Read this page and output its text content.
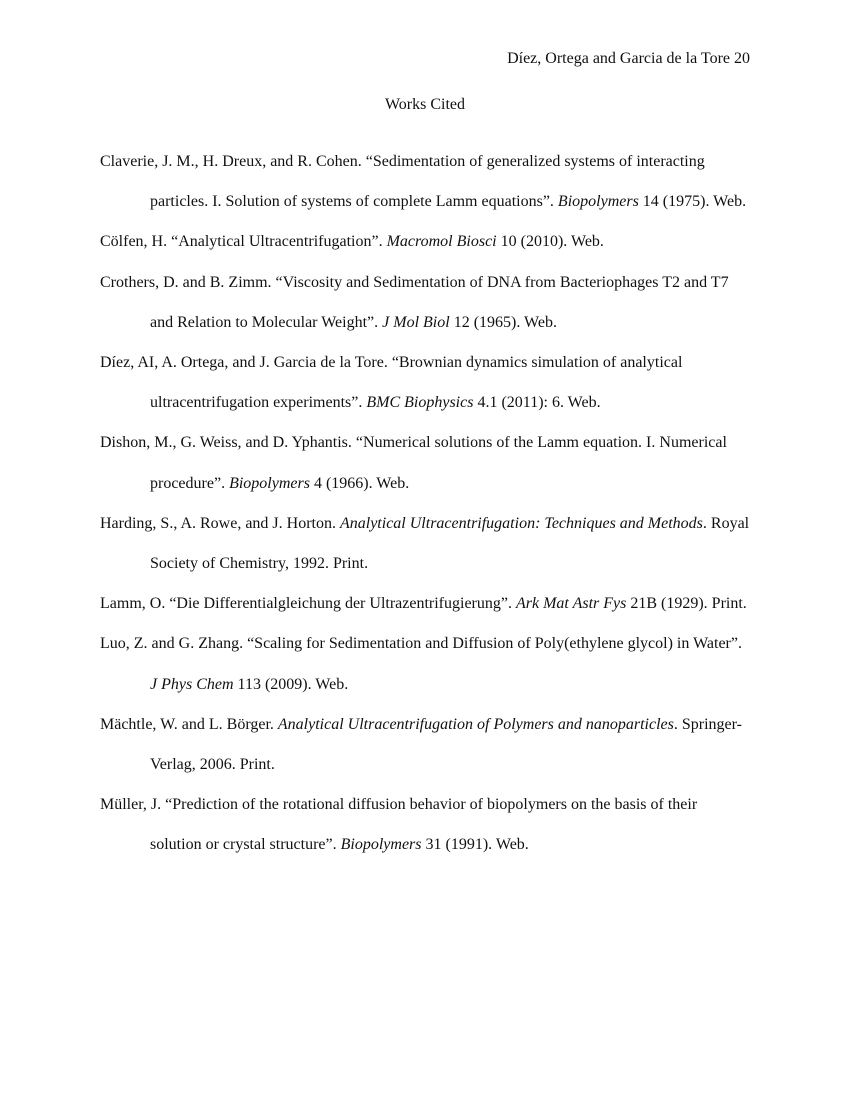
Díez, Ortega and Garcia de la Tore 20
Works Cited
Claverie, J. M., H. Dreux, and R. Cohen. “Sedimentation of generalized systems of interacting particles. I. Solution of systems of complete Lamm equations”. Biopolymers 14 (1975). Web.
Cölfen, H. “Analytical Ultracentrifugation”. Macromol Biosci 10 (2010). Web.
Crothers, D. and B. Zimm. “Viscosity and Sedimentation of DNA from Bacteriophages T2 and T7 and Relation to Molecular Weight”. J Mol Biol 12 (1965). Web.
Díez, AI, A. Ortega, and J. Garcia de la Tore. “Brownian dynamics simulation of analytical ultracentrifugation experiments”. BMC Biophysics 4.1 (2011): 6. Web.
Dishon, M., G. Weiss, and D. Yphantis. “Numerical solutions of the Lamm equation. I. Numerical procedure”. Biopolymers 4 (1966). Web.
Harding, S., A. Rowe, and J. Horton. Analytical Ultracentrifugation: Techniques and Methods. Royal Society of Chemistry, 1992. Print.
Lamm, O. “Die Differentialgleichung der Ultrazentrifugierung”. Ark Mat Astr Fys 21B (1929). Print.
Luo, Z. and G. Zhang. “Scaling for Sedimentation and Diffusion of Poly(ethylene glycol) in Water”. J Phys Chem 113 (2009). Web.
Mächtle, W. and L. Börger. Analytical Ultracentrifugation of Polymers and nanoparticles. Springer-Verlag, 2006. Print.
Müller, J. “Prediction of the rotational diffusion behavior of biopolymers on the basis of their solution or crystal structure”. Biopolymers 31 (1991). Web.
